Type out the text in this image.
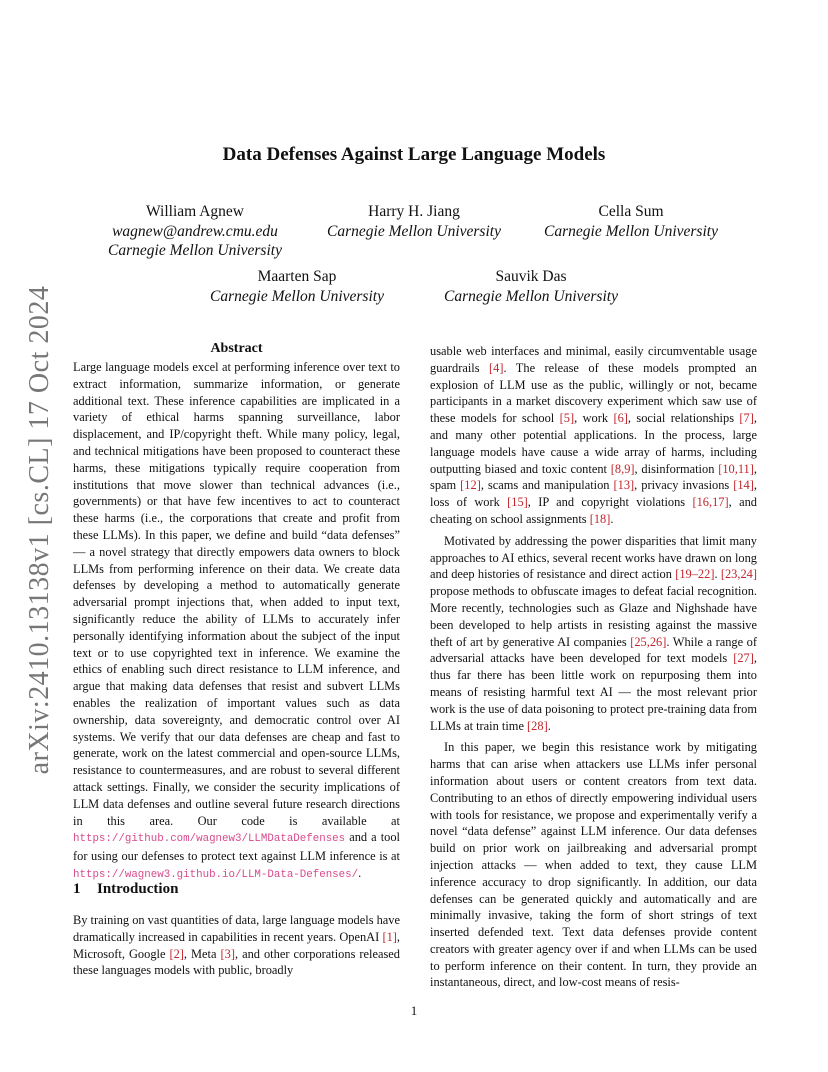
arXiv:2410.13138v1 [cs.CL] 17 Oct 2024
Data Defenses Against Large Language Models
William Agnew
wagnew@andrew.cmu.edu
Carnegie Mellon University
Harry H. Jiang
Carnegie Mellon University
Cella Sum
Carnegie Mellon University
Maarten Sap
Carnegie Mellon University
Sauvik Das
Carnegie Mellon University
Abstract

Large language models excel at performing inference over text to extract information, summarize information, or generate additional text. These inference capabilities are implicated in a variety of ethical harms spanning surveillance, labor displacement, and IP/copyright theft. While many policy, legal, and technical mitigations have been proposed to counteract these harms, these mitigations typically require cooperation from institutions that move slower than technical advances (i.e., governments) or that have few incentives to act to counteract these harms (i.e., the corporations that create and profit from these LLMs). In this paper, we define and build “data defenses” — a novel strategy that directly empowers data owners to block LLMs from performing inference on their data. We create data defenses by developing a method to automatically generate adversarial prompt injections that, when added to input text, significantly reduce the ability of LLMs to accurately infer personally identifying information about the subject of the input text or to use copyrighted text in inference. We examine the ethics of enabling such direct resistance to LLM inference, and argue that making data defenses that resist and subvert LLMs enables the realization of important values such as data ownership, data sovereignty, and democratic control over AI systems. We verify that our data defenses are cheap and fast to generate, work on the latest commercial and open-source LLMs, resistance to countermeasures, and are robust to several different attack settings. Finally, we consider the security implications of LLM data defenses and outline several future research directions in this area. Our code is available at https://github.com/wagnew3/LLMDataDefenses and a tool for using our defenses to protect text against LLM inference is at https://wagnew3.github.io/LLM-Data-Defenses/.

1 Introduction

By training on vast quantities of data, large language models have dramatically increased in capabilities in recent years. OpenAI [1], Microsoft, Google [2], Meta [3], and other corporations released these languages models with public, broadly

usable web interfaces and minimal, easily circumventable usage guardrails [4]. The release of these models prompted an explosion of LLM use as the public, willingly or not, became participants in a market discovery experiment which saw use of these models for school [5], work [6], social relationships [7], and many other potential applications. In the process, large language models have cause a wide array of harms, including outputting biased and toxic content [8,9], disinformation [10,11], spam [12], scams and manipulation [13], privacy invasions [14], loss of work [15], IP and copyright violations [16,17], and cheating on school assignments [18].

Motivated by addressing the power disparities that limit many approaches to AI ethics, several recent works have drawn on long and deep histories of resistance and direct action [19–22]. [23,24] propose methods to obfuscate images to defeat facial recognition. More recently, technologies such as Glaze and Nighshade have been developed to help artists in resisting against the massive theft of art by generative AI companies [25,26]. While a range of adversarial attacks have been developed for text models [27], thus far there has been little work on repurposing them into means of resisting harmful text AI — the most relevant prior work is the use of data poisoning to protect pre-training data from LLMs at train time [28].

In this paper, we begin this resistance work by mitigating harms that can arise when attackers use LLMs infer personal information about users or content creators from text data. Contributing to an ethos of directly empowering individual users with tools for resistance, we propose and experimentally verify a novel “data defense” against LLM inference. Our data defenses build on prior work on jailbreaking and adversarial prompt injection attacks — when added to text, they cause LLM inference accuracy to drop significantly. In addition, our data defenses can be generated quickly and automatically and are minimally invasive, taking the form of short strings of text inserted defended text. Text data defenses provide content creators with greater agency over if and when LLMs can be used to perform inference on their content. In turn, they provide an instantaneous, direct, and low-cost means of resis-

1
